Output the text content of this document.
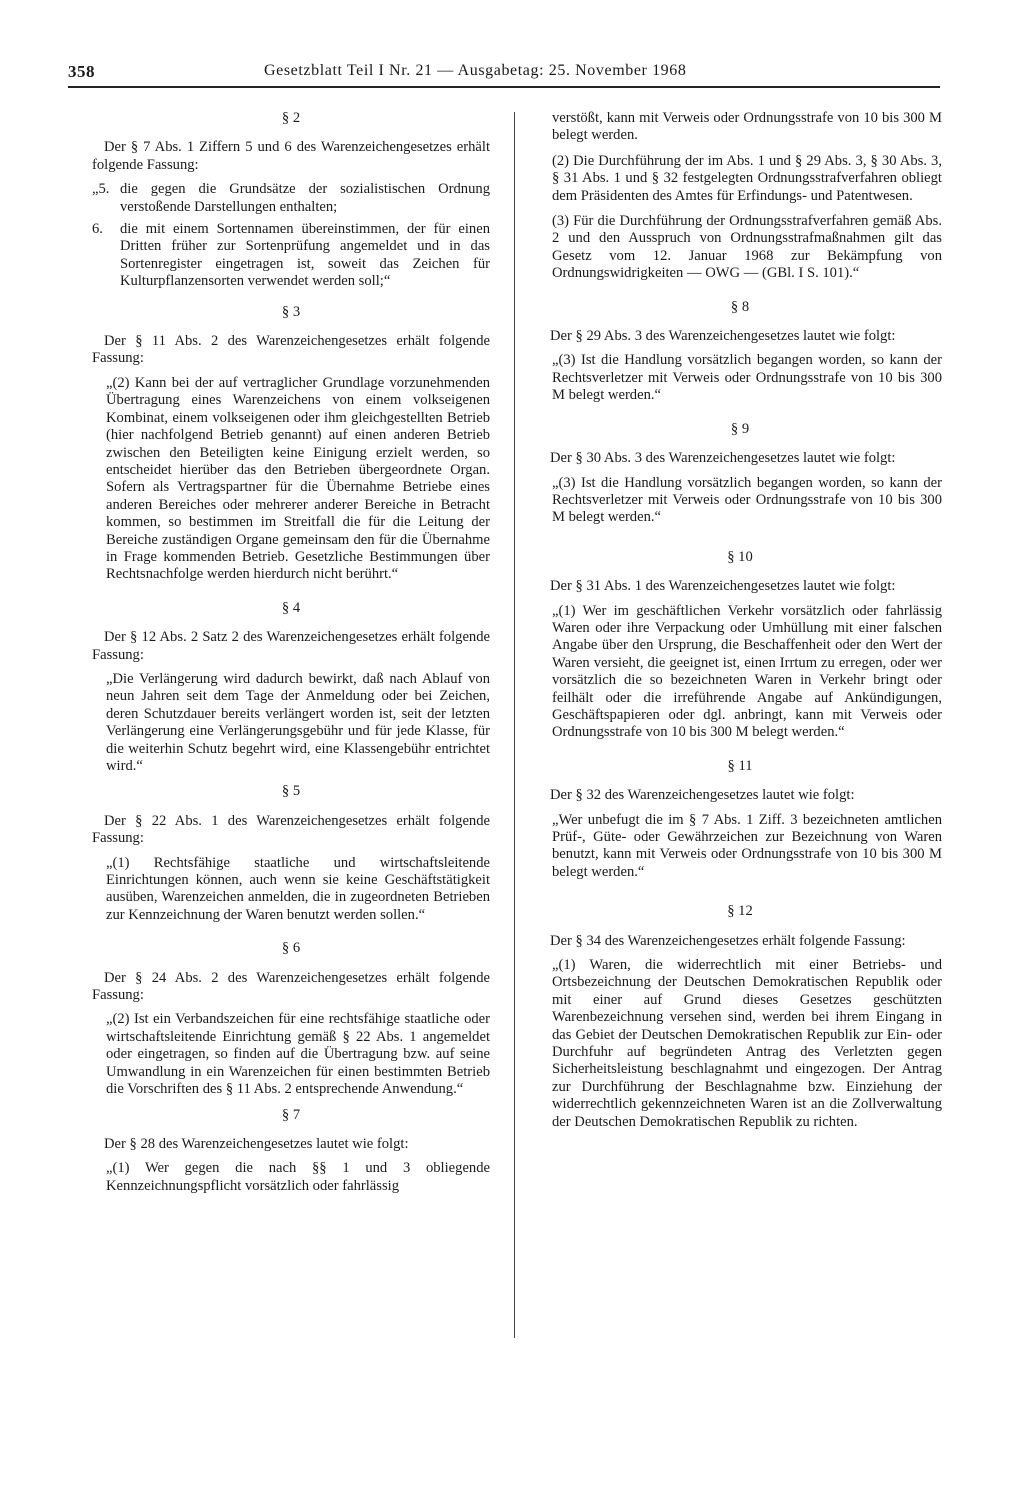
358	Gesetzblatt Teil I Nr. 21 — Ausgabetag: 25. November 1968
§ 2

Der § 7 Abs. 1 Ziffern 5 und 6 des Warenzeichengesetzes erhält folgende Fassung:

„5. die gegen die Grundsätze der sozialistischen Ordnung verstoßende Darstellungen enthalten;
6.	die mit einem Sortennamen übereinstimmen, der für einen Dritten früher zur Sortenprüfung angemeldet und in das Sortenregister eingetragen ist, soweit das Zeichen für Kulturpflanzensorten verwendet werden soll;“
§ 3

Der § 11 Abs. 2 des Warenzeichengesetzes erhält folgende Fassung:

„(2) Kann bei der auf vertraglicher Grundlage vorzunehmenden Übertragung eines Warenzeichens von einem volkseigenen Kombinat, einem volkseigenen oder ihm gleichgestellten Betrieb (hier nachfolgend Betrieb genannt) auf einen anderen Betrieb zwischen den Beteiligten keine Einigung erzielt werden, so entscheidet hierüber das den Betrieben übergeordnete Organ. Sofern als Vertragspartner für die Übernahme Betriebe eines anderen Bereiches oder mehrerer anderer Bereiche in Betracht kommen, so bestimmen im Streitfall die für die Leitung der Bereiche zuständigen Organe gemeinsam den für die Übernahme in Frage kommenden Betrieb. Gesetzliche Bestimmungen über Rechtsnachfolge werden hierdurch nicht berührt.“

§ 4

Der § 12 Abs. 2 Satz 2 des Warenzeichengesetzes erhält folgende Fassung:

„Die Verlängerung wird dadurch bewirkt, daß nach Ablauf von neun Jahren seit dem Tage der Anmeldung oder bei Zeichen, deren Schutzdauer bereits verlängert worden ist, seit der letzten Verlängerung eine Verlängerungsgebühr und für jede Klasse, für die weiterhin Schutz begehrt wird, eine Klassengebühr entrichtet wird.“

§ 5

Der § 22 Abs. 1 des Warenzeichengesetzes erhält folgende Fassung:

„(1) Rechtsfähige staatliche und wirtschaftsleitende Einrichtungen können, auch wenn sie keine Geschäftstätigkeit ausüben, Warenzeichen anmelden, die in zugeordneten Betrieben zur Kennzeichnung der Waren benutzt werden sollen.“

§ 6

Der § 24 Abs. 2 des Warenzeichengesetzes erhält folgende Fassung:

„(2) Ist ein Verbandszeichen für eine rechtsfähige staatliche oder wirtschaftsleitende Einrichtung gemäß § 22 Abs. 1 angemeldet oder eingetragen, so finden auf die Übertragung bzw. auf seine Umwandlung in ein Warenzeichen für einen bestimmten Betrieb die Vorschriften des § 11 Abs. 2 entsprechende Anwendung.“

§ 7

Der § 28 des Warenzeichengesetzes lautet wie folgt:

„(1) Wer gegen die nach §§ 1 und 3 obliegende Kennzeichnungspflicht vorsätzlich oder fahrlässig

verstößt, kann mit Verweis oder Ordnungsstrafe von 10 bis 300 M belegt werden.

(2) Die Durchführung der im Abs. 1 und § 29 Abs. 3, § 30 Abs. 3, § 31 Abs. 1 und § 32 festgelegten Ordnungsstrafverfahren obliegt dem Präsidenten des Amtes für Erfindungs- und Patentwesen.

(3) Für die Durchführung der Ordnungsstrafverfahren gemäß Abs. 2 und den Ausspruch von Ordnungsstrafmaßnahmen gilt das Gesetz vom 12. Januar 1968 zur Bekämpfung von Ordnungswidrigkeiten — OWG — (GBl. I S. 101).“

§ 8

Der § 29 Abs. 3 des Warenzeichengesetzes lautet wie folgt:

„(3) Ist die Handlung vorsätzlich begangen worden, so kann der Rechtsverletzer mit Verweis oder Ordnungsstrafe von 10 bis 300 M belegt werden.“

§ 9

Der § 30 Abs. 3 des Warenzeichengesetzes lautet wie folgt:

„(3) Ist die Handlung vorsätzlich begangen worden, so kann der Rechtsverletzer mit Verweis oder Ordnungsstrafe von 10 bis 300 M belegt werden.“

§ 10

Der § 31 Abs. 1 des Warenzeichengesetzes lautet wie folgt:

„(1) Wer im geschäftlichen Verkehr vorsätzlich oder fahrlässig Waren oder ihre Verpackung oder Umhüllung mit einer falschen Angabe über den Ursprung, die Beschaffenheit oder den Wert der Waren versieht, die geeignet ist, einen Irrtum zu erregen, oder wer vorsätzlich die so bezeichneten Waren in Verkehr bringt oder feilhält oder die irreführende Angabe auf Ankündigungen, Geschäftspapieren oder dgl. anbringt, kann mit Verweis oder Ordnungsstrafe von 10 bis 300 M belegt werden.“

§ 11

Der § 32 des Warenzeichengesetzes lautet wie folgt:

„Wer unbefugt die im § 7 Abs. 1 Ziff. 3 bezeichneten amtlichen Prüf-, Güte- oder Gewährzeichen zur Bezeichnung von Waren benutzt, kann mit Verweis oder Ordnungsstrafe von 10 bis 300 M belegt werden.“

§ 12

Der § 34 des Warenzeichengesetzes erhält folgende Fassung:

„(1) Waren, die widerrechtlich mit einer Betriebs- und Ortsbezeichnung der Deutschen Demokratischen Republik oder mit einer auf Grund dieses Gesetzes geschützten Warenbezeichnung versehen sind, werden bei ihrem Eingang in das Gebiet der Deutschen Demokratischen Republik zur Ein- oder Durchfuhr auf begründeten Antrag des Verletzten gegen Sicherheitsleistung beschlagnahmt und eingezogen. Der Antrag zur Durchführung der Beschlagnahme bzw. Einziehung der widerrechtlich gekennzeichneten Waren ist an die Zollverwaltung der Deutschen Demokratischen Republik zu richten.
